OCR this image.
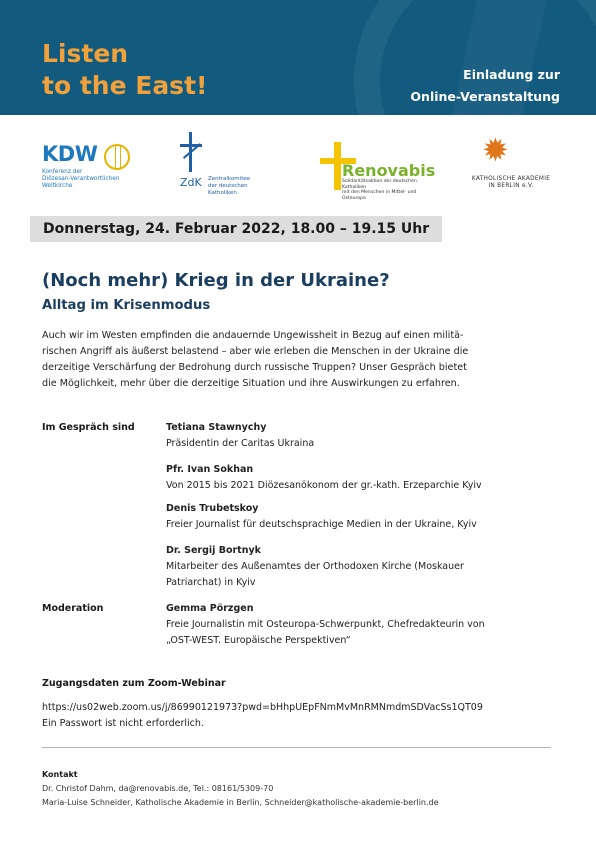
Listen
to the East!	Einladung zur
Online-Veranstaltung
KDW
Konferenz der
Diözesan-Verantwortlichen
Weltkirche	ZdK Zentralkomitee
der deutschen Katholiken
Renovabis
Solidaritätsaktion der deutschen Katholiken
mit den Menschen in Mittel- und Osteuropa
✹
KATHOLISCHE AKADEMIE
IN BERLIN e.V.
Donnerstag, 24. Februar 2022, 18.00 – 19.15 Uhr
(Noch mehr) Krieg in der Ukraine?
Alltag im Krisenmodus
Auch wir im Westen empfinden die andauernde Ungewissheit in Bezug auf einen militä-
rischen Angriff als äußerst belastend – aber wie erleben die Menschen in der Ukraine die
derzeitige Verschärfung der Bedrohung durch russische Truppen? Unser Gespräch bietet
die Möglichkeit, mehr über die derzeitige Situation und ihre Auswirkungen zu erfahren.
Im Gespräch sind	Tetiana Stawnychy
Präsidentin der Caritas Ukraina
Pfr. Ivan Sokhan
Von 2015 bis 2021 Diözesanökonom der gr.-kath. Erzeparchie Kyiv
Denis Trubetskoy
Freier Journalist für deutschsprachige Medien in der Ukraine, Kyiv
Dr. Sergij Bortnyk
Mitarbeiter des Außenamtes der Orthodoxen Kirche (Moskauer
Patriarchat) in Kyiv
Moderation	Gemma Pörzgen
Freie Journalistin mit Osteuropa-Schwerpunkt, Chefredakteurin von
„OST-WEST. Europäische Perspektiven“
Zugangsdaten zum Zoom-Webinar
https://us02web.zoom.us/j/86990121973?pwd=bHhpUEpFNmMvMnRMNmdmSDVacSs1QT09
Ein Passwort ist nicht erforderlich.
Kontakt
Dr. Christof Dahm, da@renovabis.de, Tel.: 08161/5309-70
Maria-Luise Schneider, Katholische Akademie in Berlin, Schneider@katholische-akademie-berlin.de
